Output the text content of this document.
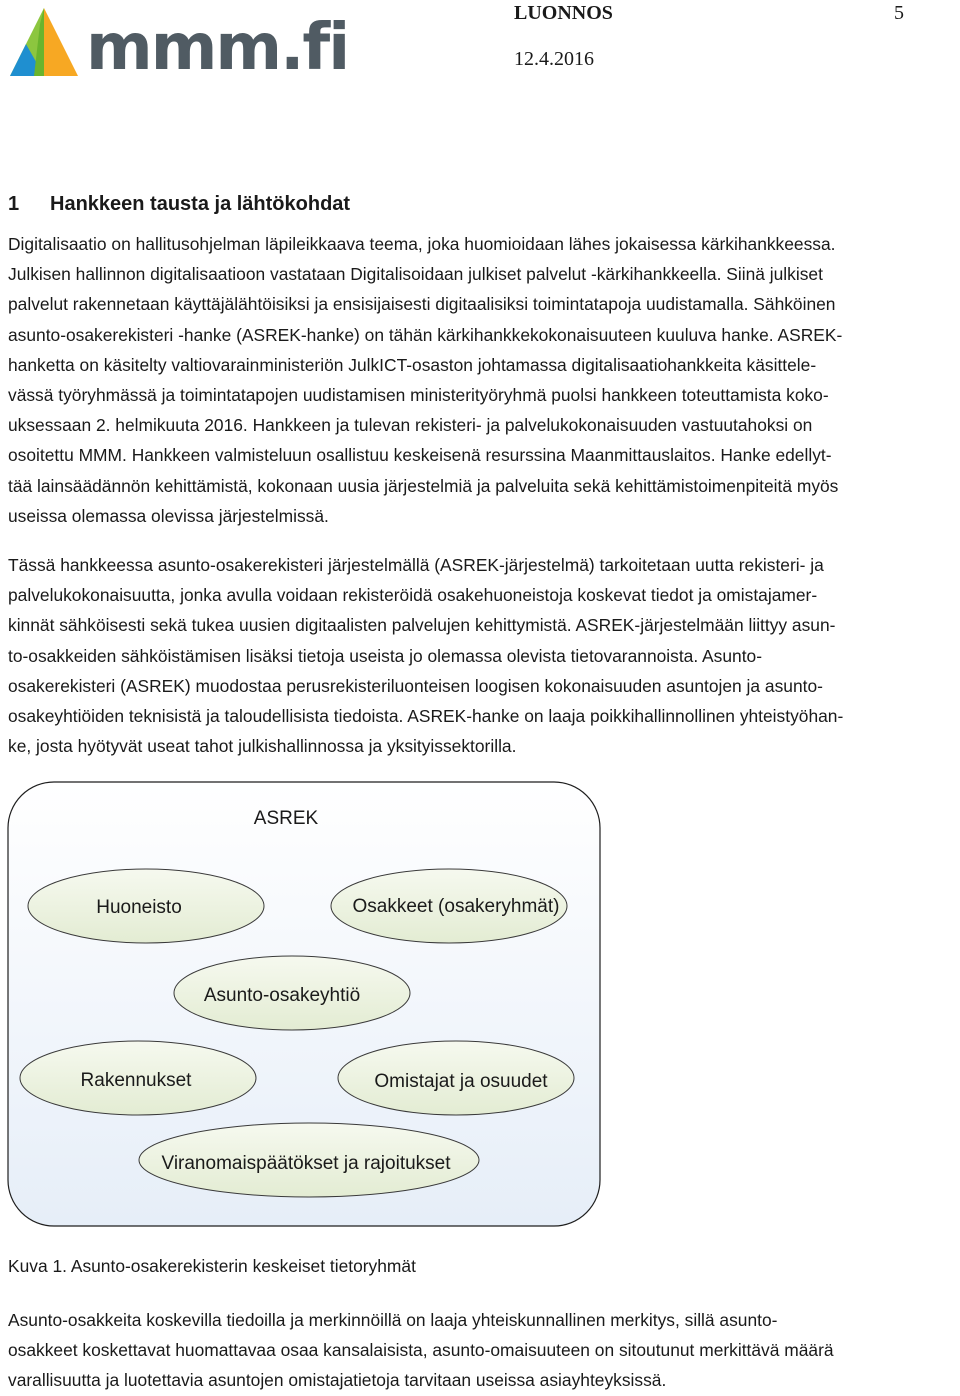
mmm.fi	LUONNOS	5
12.4.2016
1 Hankkeen tausta ja lähtökohdat
Digitalisaatio on hallitusohjelman läpileikkaava teema, joka huomioidaan lähes jokaisessa kärkihankkeessa.
Julkisen hallinnon digitalisaatioon vastataan Digitalisoidaan julkiset palvelut -kärkihankkeella. Siinä julkiset
palvelut rakennetaan käyttäjälähtöisiksi ja ensisijaisesti digitaalisiksi toimintatapoja uudistamalla. Sähköinen
asunto-osakerekisteri -hanke (ASREK-hanke) on tähän kärkihankkekokonaisuuteen kuuluva hanke. ASREK-
hanketta on käsitelty valtiovarainministeriön JulkICT-osaston johtamassa digitalisaatiohankkeita käsittele-
vässä työryhmässä ja toimintatapojen uudistamisen ministerityöryhmä puolsi hankkeen toteuttamista koko-
uksessaan 2. helmikuuta 2016. Hankkeen ja tulevan rekisteri- ja palvelukokonaisuuden vastuutahoksi on
osoitettu MMM. Hankkeen valmisteluun osallistuu keskeisenä resurssina Maanmittauslaitos. Hanke edellyt-
tää lainsäädännön kehittämistä, kokonaan uusia järjestelmiä ja palveluita sekä kehittämistoimenpiteitä myös
useissa olemassa olevissa järjestelmissä.
Tässä hankkeessa asunto-osakerekisteri järjestelmällä (ASREK-järjestelmä) tarkoitetaan uutta rekisteri- ja
palvelukokonaisuutta, jonka avulla voidaan rekisteröidä osakehuoneistoja koskevat tiedot ja omistajamer-
kinnät sähköisesti sekä tukea uusien digitaalisten palvelujen kehittymistä. ASREK-järjestelmään liittyy asun-
to-osakkeiden sähköistämisen lisäksi tietoja useista jo olemassa olevista tietovarannoista. Asunto-
osakerekisteri (ASREK) muodostaa perusrekisteriluonteisen loogisen kokonaisuuden asuntojen ja asunto-
osakeyhtiöiden teknisistä ja taloudellisista tiedoista. ASREK-hanke on laaja poikkihallinnollinen yhteistyöhan-
ke, josta hyötyvät useat tahot julkishallinnossa ja yksityissektorilla.
ASREK
Huoneisto	Osakkeet (osakeryhmät)
Asunto-osakeyhtiö
Rakennukset	Omistajat ja osuudet
Viranomaispäätökset ja rajoitukset
Kuva 1. Asunto-osakerekisterin keskeiset tietoryhmät
Asunto-osakkeita koskevilla tiedoilla ja merkinnöillä on laaja yhteiskunnallinen merkitys, sillä asunto-
osakkeet koskettavat huomattavaa osaa kansalaisista, asunto-omaisuuteen on sitoutunut merkittävä määrä
varallisuutta ja luotettavia asuntojen omistajatietoja tarvitaan useissa asiayhteyksissä.
